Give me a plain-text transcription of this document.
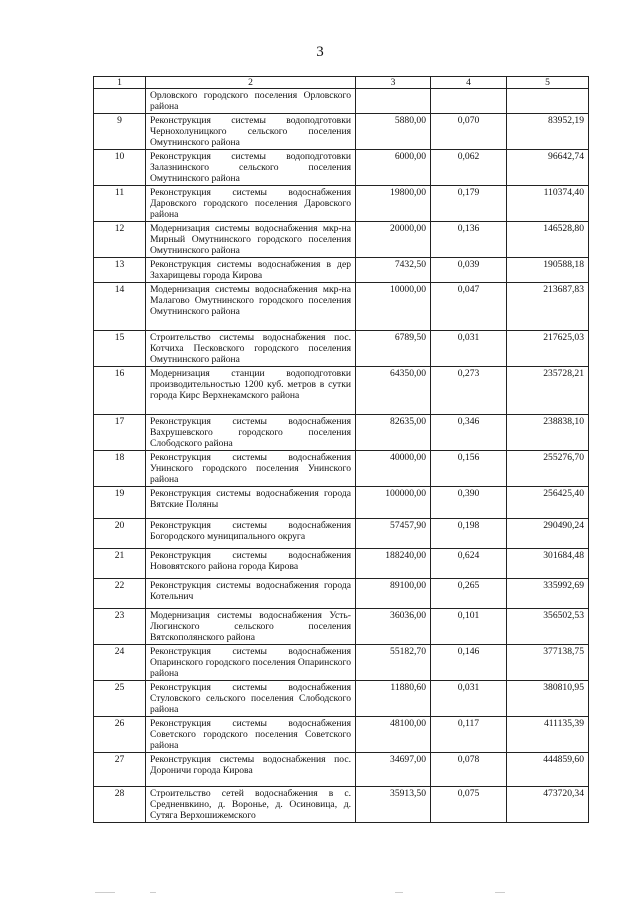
3
1	2	3	4	5
	Орловского городского поселения Орловского района			
9	Реконструкция системы водоподготовки Чернохолуницкого сельского поселения Омутнинского района	5880,00	0,070	83952,19
10	Реконструкция системы водоподготовки Залазнинского сельского поселения Омутнинского района	6000,00	0,062	96642,74
11	Реконструкция системы водоснабжения Даровского городского поселения Даровского района	19800,00	0,179	110374,40
12	Модернизация системы водоснабжения мкр-на Мирный Омутнинского городского поселения Омутнинского района	20000,00	0,136	146528,80
13	Реконструкция системы водоснабжения в дер Захарищевы города Кирова	7432,50	0,039	190588,18
14	Модернизация системы водоснабжения мкр-на Малагово Омутнинского городского поселения Омутнинского района	10000,00	0,047	213687,83
15	Строительство системы водоснабжения пос. Котчиха Песковского городского поселения Омутнинского района	6789,50	0,031	217625,03
16	Модернизация станции водоподготовки производительностью 1200 куб. метров в сутки города Кирс Верхнекамского района	64350,00	0,273	235728,21
17	Реконструкция системы водоснабжения Вахрушевского городского поселения Слободского района	82635,00	0,346	238838,10
18	Реконструкция системы водоснабжения Унинского городского поселения Унинского района	40000,00	0,156	255276,70
19	Реконструкция системы водоснабжения города Вятские Поляны	100000,00	0,390	256425,40
20	Реконструкция системы водоснабжения Богородского муниципального округа	57457,90	0,198	290490,24
21	Реконструкция системы водоснабжения Нововятского района города Кирова	188240,00	0,624	301684,48
22	Реконструкция системы водоснабжения города Котельнич	89100,00	0,265	335992,69
23	Модернизация системы водоснабжения Усть-Люгинского сельского поселения Вятскополянского района	36036,00	0,101	356502,53
24	Реконструкция системы водоснабжения Опаринского городского поселения Опаринского района	55182,70	0,146	377138,75
25	Реконструкция системы водоснабжения Стуловского сельского поселения Слободского района	11880,60	0,031	380810,95
26	Реконструкция системы водоснабжения Советского городского поселения Советского района	48100,00	0,117	411135,39
27	Реконструкция системы водоснабжения пос. Дороничи города Кирова	34697,00	0,078	444859,60
28	Строительство сетей водоснабжения в с. Средненвкино, д. Воронье, д. Осиновица, д. Сутяга Верхошижемского	35913,50	0,075	473720,34
